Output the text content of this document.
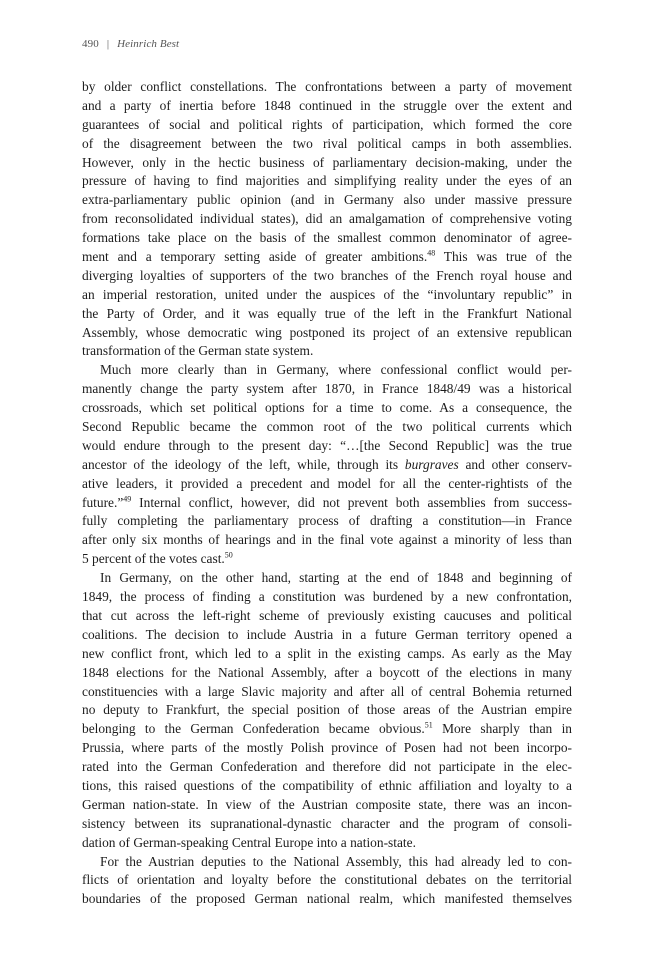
490 | Heinrich Best
by older conflict constellations. The confrontations between a party of movement
and a party of inertia before 1848 continued in the struggle over the extent and
guarantees of social and political rights of participation, which formed the core
of the disagreement between the two rival political camps in both assemblies.
However, only in the hectic business of parliamentary decision-making, under the
pressure of having to find majorities and simplifying reality under the eyes of an
extra-parliamentary public opinion (and in Germany also under massive pressure
from reconsolidated individual states), did an amalgamation of comprehensive voting
formations take place on the basis of the smallest common denominator of agree-
ment and a temporary setting aside of greater ambitions.$^{48}$ This was true of the
diverging loyalties of supporters of the two branches of the French royal house and
an imperial restoration, united under the auspices of the “involuntary republic” in
the Party of Order, and it was equally true of the left in the Frankfurt National
Assembly, whose democratic wing postponed its project of an extensive republican
transformation of the German state system.
Much more clearly than in Germany, where confessional conflict would per-
manently change the party system after 1870, in France 1848/49 was a historical
crossroads, which set political options for a time to come. As a consequence, the
Second Republic became the common root of the two political currents which
would endure through to the present day: “…[the Second Republic] was the true
ancestor of the ideology of the left, while, through its burgraves and other conserv-
ative leaders, it provided a precedent and model for all the center-rightists of the
future.”$^{49}$ Internal conflict, however, did not prevent both assemblies from success-
fully completing the parliamentary process of drafting a constitution—in France
after only six months of hearings and in the final vote against a minority of less than
5 percent of the votes cast.$^{50}$
In Germany, on the other hand, starting at the end of 1848 and beginning of
1849, the process of finding a constitution was burdened by a new confrontation,
that cut across the left-right scheme of previously existing caucuses and political
coalitions. The decision to include Austria in a future German territory opened a
new conflict front, which led to a split in the existing camps. As early as the May
1848 elections for the National Assembly, after a boycott of the elections in many
constituencies with a large Slavic majority and after all of central Bohemia returned
no deputy to Frankfurt, the special position of those areas of the Austrian empire
belonging to the German Confederation became obvious.$^{51}$ More sharply than in
Prussia, where parts of the mostly Polish province of Posen had not been incorpo-
rated into the German Confederation and therefore did not participate in the elec-
tions, this raised questions of the compatibility of ethnic affiliation and loyalty to a
German nation-state. In view of the Austrian composite state, there was an incon-
sistency between its supranational-dynastic character and the program of consoli-
dation of German-speaking Central Europe into a nation-state.
For the Austrian deputies to the National Assembly, this had already led to con-
flicts of orientation and loyalty before the constitutional debates on the territorial
boundaries of the proposed German national realm, which manifested themselves
